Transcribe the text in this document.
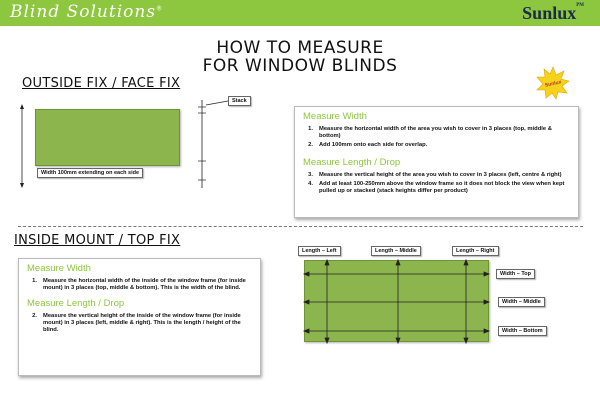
Blind Solutions®	Sunlux$^{PM}$
HOW TO MEASURE
FOR WINDOW BLINDS
Sunlux
OUTSIDE FIX / FACE FIX
Stack
Width 100mm extending on each side
Measure Width
1.	Measure the horizontal width of the area you wish to cover in 3 places (top, middle & bottom)
2.	Add 100mm onto each side for overlap.
Measure Length / Drop
3.	Measure the vertical height of the area you wish to cover in 3 places (left, centre & right)
4.	Add at least 100-250mm above the window frame so it does not block the view when kept pulled up or stacked (stack heights differ per product)
INSIDE MOUNT / TOP FIX
Measure Width
1.	Measure the horizontal width of the inside of the window frame (for inside mount) in 3 places (top, middle & bottom). This is the width of the blind.
Measure Length / Drop
2.	Measure the vertical height of the inside of the window frame (for inside mount) in 3 places (left, middle & right). This is the length / height of the blind.
Length – Left	Length – Middle	Length – Right
Width – Top
Width – Middle
Width – Bottom
